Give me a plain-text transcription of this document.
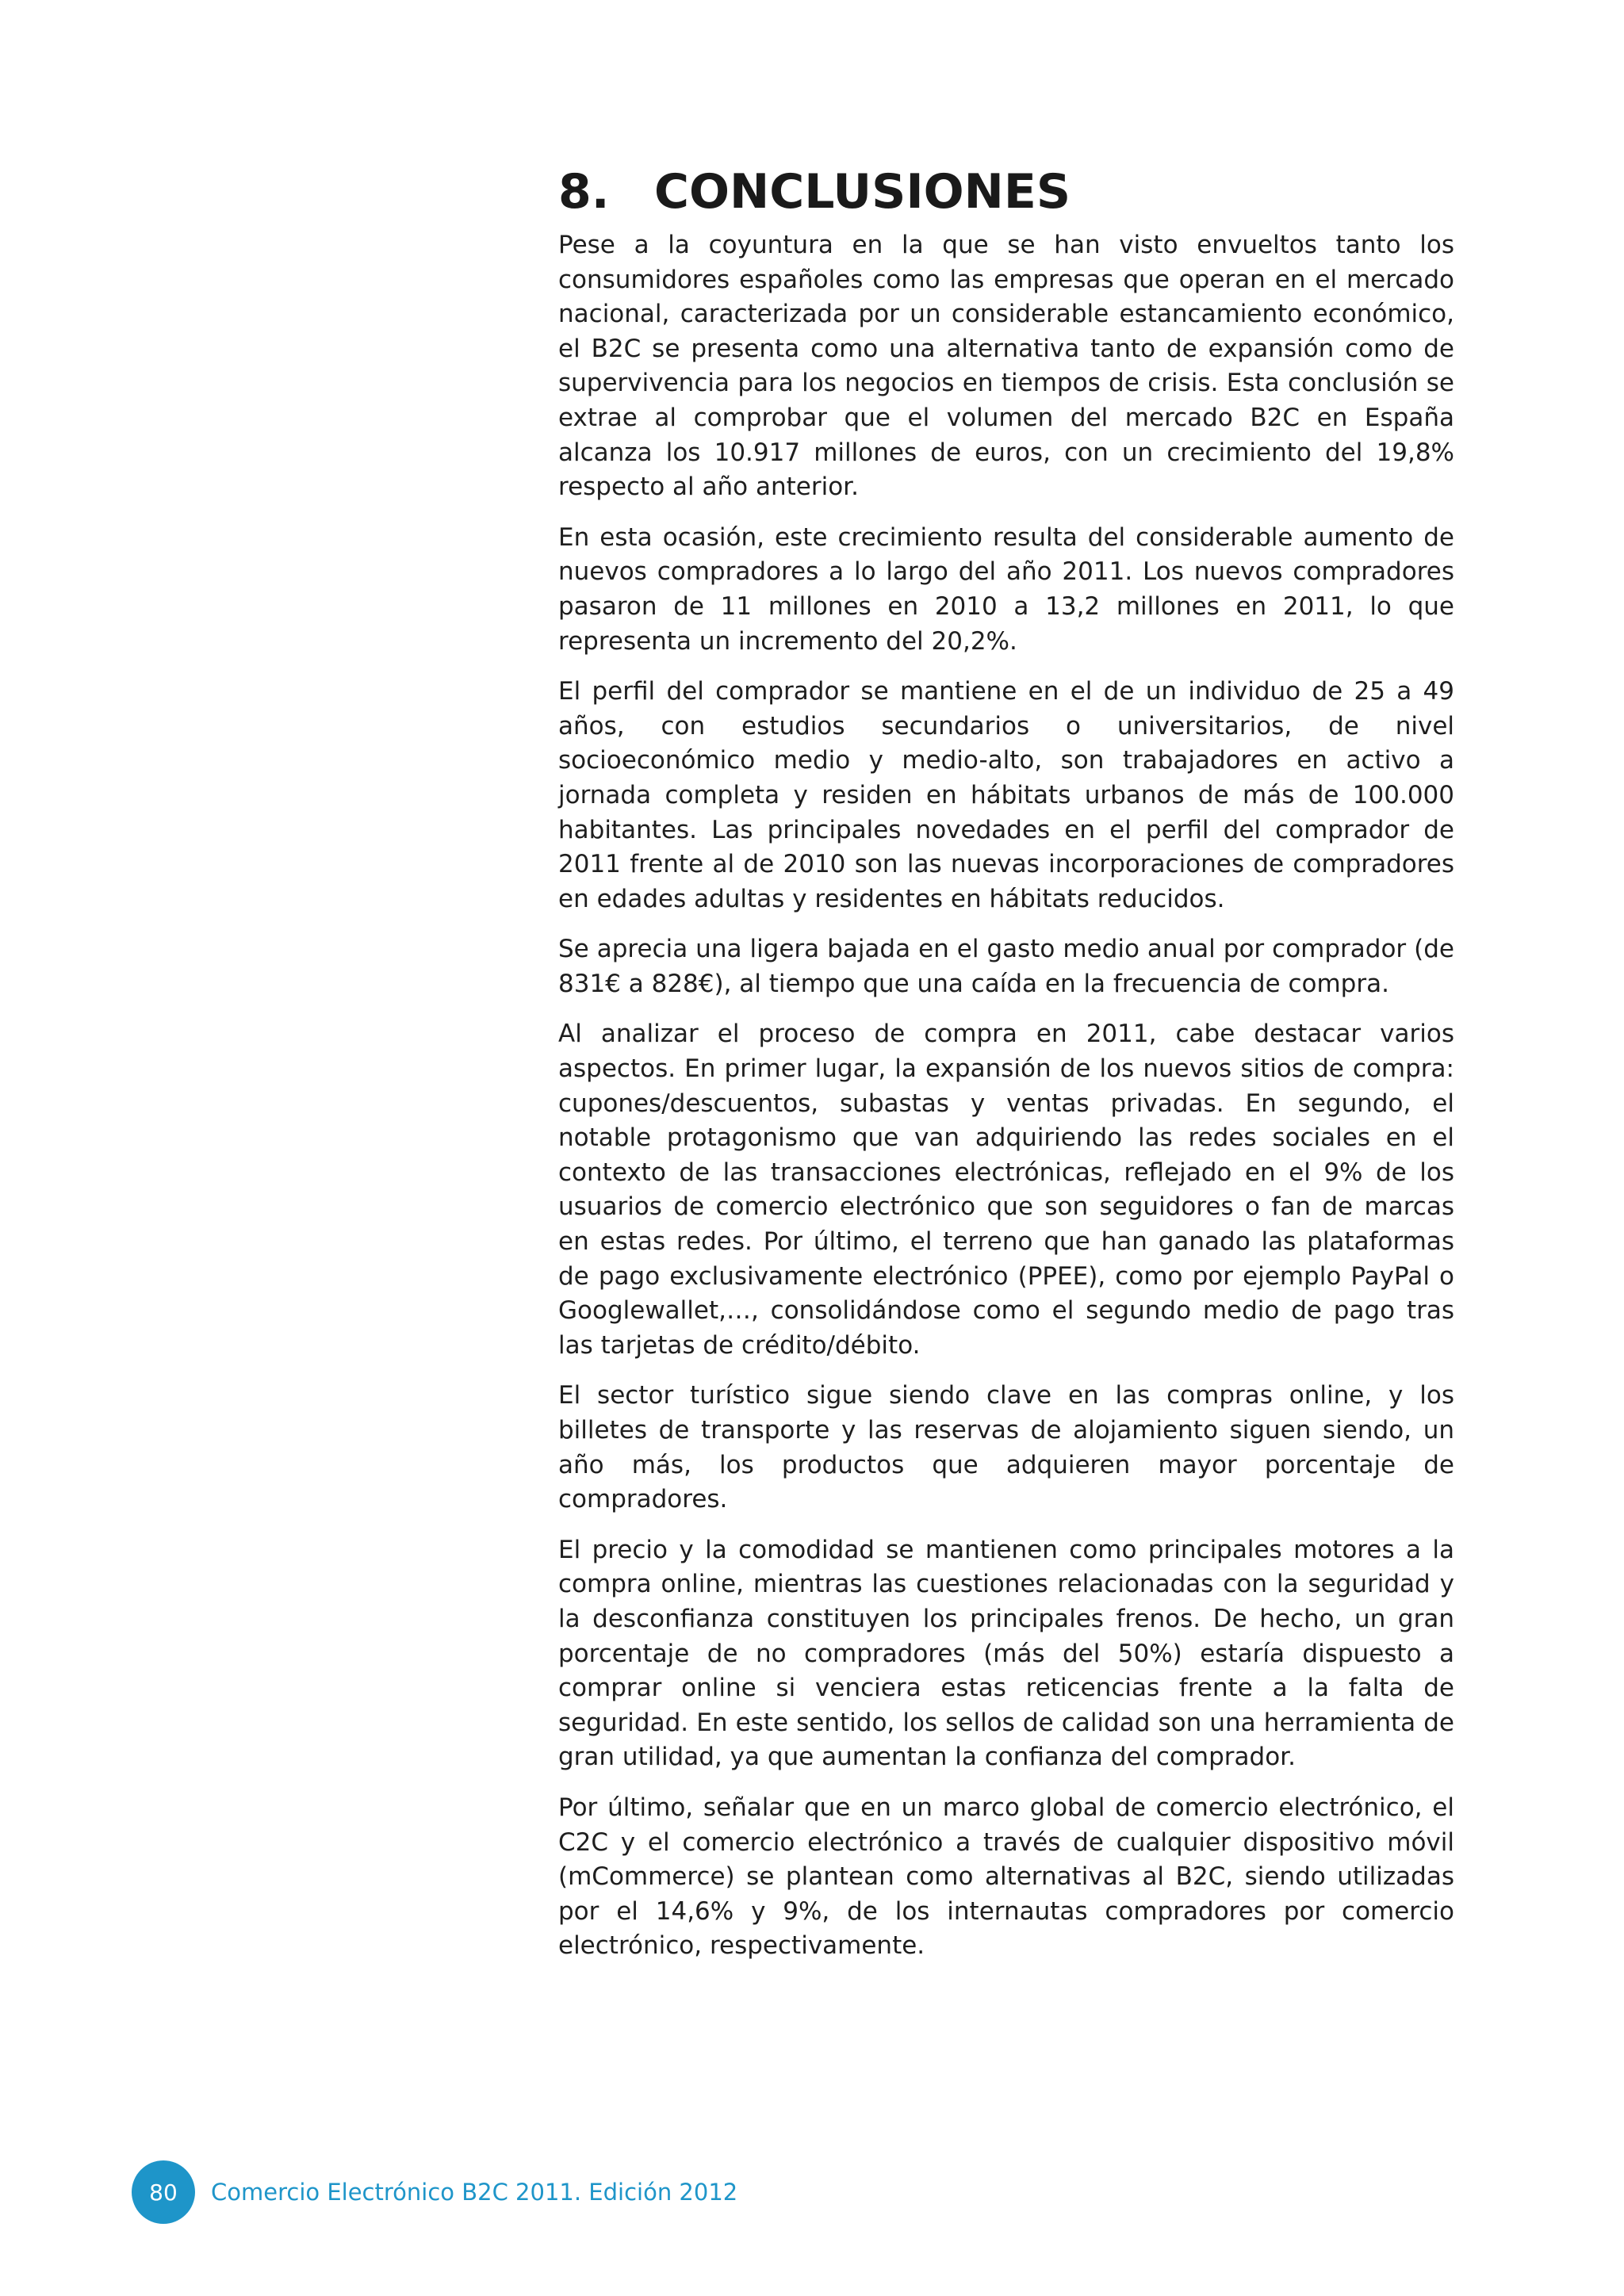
8. CONCLUSIONES

Pese a la coyuntura en la que se han visto envueltos tanto los consumidores españoles como las empresas que operan en el mercado nacional, caracterizada por un considerable estancamiento económico, el B2C se presenta como una alternativa tanto de expansión como de supervivencia para los negocios en tiempos de crisis. Esta conclusión se extrae al comprobar que el volumen del mercado B2C en España alcanza los 10.917 millones de euros, con un crecimiento del 19,8% respecto al año anterior.

En esta ocasión, este crecimiento resulta del considerable aumento de nuevos compradores a lo largo del año 2011. Los nuevos compradores pasaron de 11 millones en 2010 a 13,2 millones en 2011, lo que representa un incremento del 20,2%.

El perfil del comprador se mantiene en el de un individuo de 25 a 49 años, con estudios secundarios o universitarios, de nivel socioeconómico medio y medio-alto, son trabajadores en activo a jornada completa y residen en hábitats urbanos de más de 100.000 habitantes. Las principales novedades en el perfil del comprador de 2011 frente al de 2010 son las nuevas incorporaciones de compradores en edades adultas y residentes en hábitats reducidos.

Se aprecia una ligera bajada en el gasto medio anual por comprador (de 831€ a 828€), al tiempo que una caída en la frecuencia de compra.

Al analizar el proceso de compra en 2011, cabe destacar varios aspectos. En primer lugar, la expansión de los nuevos sitios de compra: cupones/descuentos, subastas y ventas privadas. En segundo, el notable protagonismo que van adquiriendo las redes sociales en el contexto de las transacciones electrónicas, reflejado en el 9% de los usuarios de comercio electrónico que son seguidores o fan de marcas en estas redes. Por último, el terreno que han ganado las plataformas de pago exclusivamente electrónico (PPEE), como por ejemplo PayPal o Googlewallet,…, consolidándose como el segundo medio de pago tras las tarjetas de crédito/débito.

El sector turístico sigue siendo clave en las compras online, y los billetes de transporte y las reservas de alojamiento siguen siendo, un año más, los productos que adquieren mayor porcentaje de compradores.

El precio y la comodidad se mantienen como principales motores a la compra online, mientras las cuestiones relacionadas con la seguridad y la desconfianza constituyen los principales frenos. De hecho, un gran porcentaje de no compradores (más del 50%) estaría dispuesto a comprar online si venciera estas reticencias frente a la falta de seguridad. En este sentido, los sellos de calidad son una herramienta de gran utilidad, ya que aumentan la confianza del comprador.

Por último, señalar que en un marco global de comercio electrónico, el C2C y el comercio electrónico a través de cualquier dispositivo móvil (mCommerce) se plantean como alternativas al B2C, siendo utilizadas por el 14,6% y 9%, de los internautas compradores por comercio electrónico, respectivamente.

80	Comercio Electrónico B2C 2011. Edición 2012
